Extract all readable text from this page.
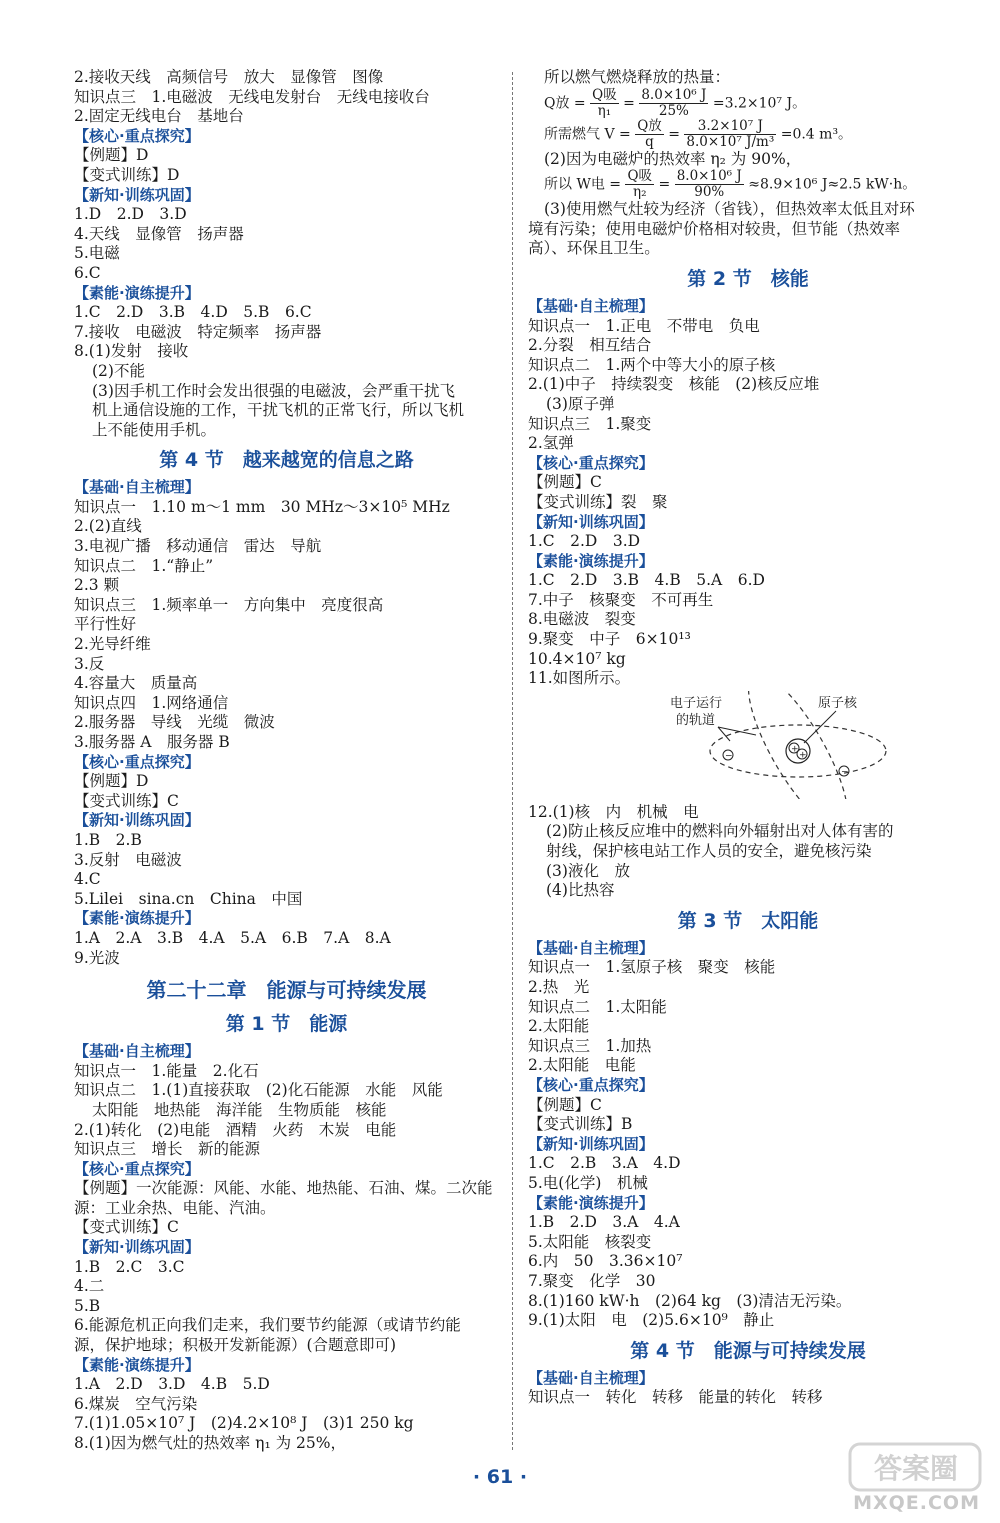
2.接收天线　高频信号　放大　显像管　图像
知识点三　1.电磁波　无线电发射台　无线电接收台
2.固定无线电台　基地台
【核心·重点探究】
【例题】D
【变式训练】D
【新知·训练巩固】
1.D　2.D　3.D
4.天线　显像管　扬声器
5.电磁
6.C
【素能·演练提升】
1.C　2.D　3.B　4.D　5.B　6.C
7.接收　电磁波　特定频率　扬声器
8.(1)发射　接收
(2)不能
(3)因手机工作时会发出很强的电磁波，会严重干扰飞
机上通信设施的工作，干扰飞机的正常飞行，所以飞机
上不能使用手机。
第 4 节　越来越宽的信息之路
【基础·自主梳理】
知识点一　1.10 m～1 mm　30 MHz～3×10⁵ MHz
2.(2)直线
3.电视广播　移动通信　雷达　导航
知识点二　1.“静止”
2.3 颗
知识点三　1.频率单一　方向集中　亮度很高
平行性好
2.光导纤维
3.反
4.容量大　质量高
知识点四　1.网络通信
2.服务器　导线　光缆　微波
3.服务器 A　服务器 B
【核心·重点探究】
【例题】D
【变式训练】C
【新知·训练巩固】
1.B　2.B
3.反射　电磁波
4.C
5.Lilei　sina.cn　China　中国
【素能·演练提升】
1.A　2.A　3.B　4.A　5.A　6.B　7.A　8.A
9.光波
第二十二章　能源与可持续发展
第 1 节　能源
【基础·自主梳理】
知识点一　1.能量　2.化石
知识点二　1.(1)直接获取　(2)化石能源　水能　风能
太阳能　地热能　海洋能　生物质能　核能
2.(1)转化　(2)电能　酒精　火药　木炭　电能
知识点三　增长　新的能源
【核心·重点探究】
【例题】一次能源：风能、水能、地热能、石油、煤。二次能
源：工业余热、电能、汽油。
【变式训练】C
【新知·训练巩固】
1.B　2.C　3.C
4.二
5.B
6.能源危机正向我们走来，我们要节约能源（或请节约能
源，保护地球；积极开发新能源）(合题意即可)
【素能·演练提升】
1.A　2.D　3.D　4.B　5.D
6.煤炭　空气污染
7.(1)1.05×10⁷ J　(2)4.2×10⁸ J　(3)1 250 kg
8.(1)因为燃气灶的热效率 η₁ 为 25%，
所以燃气燃烧释放的热量：
Q放 =
Q吸
$\eta_1 = \frac{\text{8.0×10⁶ J}}{25\%} =3.2\times 10^7$ J。
所需燃气 V =
Q放
q	= $\frac{\text{3.2×10⁷ J}}{\text{8.0×10⁷ J/m³}} =0.4$ m³。
(2)因为电磁炉的热效率 η₂ 为 90%，
所以 W电 =
Q吸
$\eta_2 = \frac{\text{8.0×10⁶ J}}{90\%} \approx 8.9\times 10^6$ J≈2.5 kW·h。
(3)使用燃气灶较为经济（省钱），但热效率太低且对环
境有污染；使用电磁炉价格相对较贵，但节能（热效率
高）、环保且卫生。
第 2 节　核能
【基础·自主梳理】
知识点一　1.正电　不带电　负电
2.分裂　相互结合
知识点二　1.两个中等大小的原子核
2.(1)中子　持续裂变　核能　(2)核反应堆
(3)原子弹
知识点三　1.聚变
2.氢弹
【核心·重点探究】
【例题】C
【变式训练】裂　聚
【新知·训练巩固】
1.C　2.D　3.D
【素能·演练提升】
1.C　2.D　3.B　4.B　5.A　6.D
7.中子　核聚变　不可再生
8.电磁波　裂变
9.聚变　中子　6×10¹³
10.4×10⁷ kg
11.如图所示。
电子运行
的轨道
原子核
+
+
−
−
12.(1)核　内　机械　电
(2)防止核反应堆中的燃料向外辐射出对人体有害的
射线，保护核电站工作人员的安全，避免核污染
(3)液化　放
(4)比热容
第 3 节　太阳能
【基础·自主梳理】
知识点一　1.氢原子核　聚变　核能
2.热　光
知识点二　1.太阳能
2.太阳能
知识点三　1.加热
2.太阳能　电能
【核心·重点探究】
【例题】C
【变式训练】B
【新知·训练巩固】
1.C　2.B　3.A　4.D
5.电(化学)　机械
【素能·演练提升】
1.B　2.D　3.A　4.A
5.太阳能　核裂变
6.内　50　3.36×10⁷
7.聚变　化学　30
8.(1)160 kW·h　(2)64 kg　(3)清洁无污染。
9.(1)太阳　电　(2)5.6×10⁹　静止
第 4 节　能源与可持续发展
【基础·自主梳理】
知识点一　转化　转移　能量的转化　转移
· 61 ·	答案圈
MXQE.COM
